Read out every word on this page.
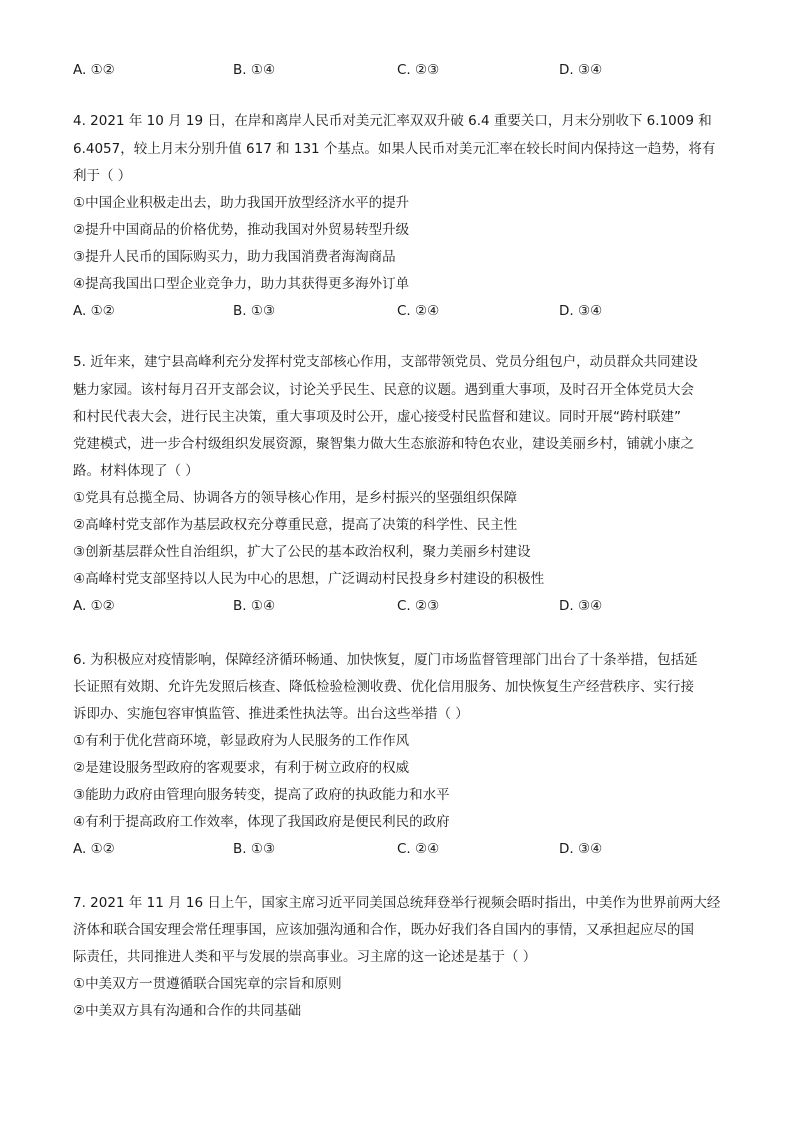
A. ①②	B. ①④	C. ②③	D. ③④
4. 2021 年 10 月 19 日，在岸和离岸人民币对美元汇率双双升破 6.4 重要关口，月末分别收下 6.1009 和
6.4057，较上月末分别升值 617 和 131 个基点。如果人民币对美元汇率在较长时间内保持这一趋势，将有
利于（ ）
①中国企业积极走出去，助力我国开放型经济水平的提升
②提升中国商品的价格优势，推动我国对外贸易转型升级
③提升人民币的国际购买力，助力我国消费者海淘商品
④提高我国出口型企业竞争力，助力其获得更多海外订单
A. ①②	B. ①③	C. ②④	D. ③④
5. 近年来，建宁县高峰利充分发挥村党支部核心作用，支部带领党员、党员分组包户，动员群众共同建设
魅力家园。该村每月召开支部会议，讨论关乎民生、民意的议题。遇到重大事项，及时召开全体党员大会
和村民代表大会，进行民主决策，重大事项及时公开，虚心接受村民监督和建议。同时开展“跨村联建”
党建模式，进一步合村级组织发展资源，聚智集力做大生态旅游和特色农业，建设美丽乡村，铺就小康之
路。材料体现了（ ）
①党具有总揽全局、协调各方的领导核心作用，是乡村振兴的坚强组织保障
②高峰村党支部作为基层政权充分尊重民意，提高了决策的科学性、民主性
③创新基层群众性自治组织，扩大了公民的基本政治权利，聚力美丽乡村建设
④高峰村党支部坚持以人民为中心的思想，广泛调动村民投身乡村建设的积极性
A. ①②	B. ①④	C. ②③	D. ③④
6. 为积极应对疫情影响，保障经济循环畅通、加快恢复，厦门市场监督管理部门出台了十条举措，包括延
长证照有效期、允许先发照后核查、降低检验检测收费、优化信用服务、加快恢复生产经营秩序、实行接
诉即办、实施包容审慎监管、推进柔性执法等。出台这些举措（ ）
①有利于优化营商环境，彰显政府为人民服务的工作作风
②是建设服务型政府的客观要求，有利于树立政府的权威
③能助力政府由管理向服务转变，提高了政府的执政能力和水平
④有利于提高政府工作效率，体现了我国政府是便民利民的政府
A. ①②	B. ①③	C. ②④	D. ③④
7. 2021 年 11 月 16 日上午，国家主席习近平同美国总统拜登举行视频会晤时指出，中美作为世界前两大经
济体和联合国安理会常任理事国，应该加强沟通和合作，既办好我们各自国内的事情，又承担起应尽的国
际责任，共同推进人类和平与发展的崇高事业。习主席的这一论述是基于（ ）
①中美双方一贯遵循联合国宪章的宗旨和原则
②中美双方具有沟通和合作的共同基础
